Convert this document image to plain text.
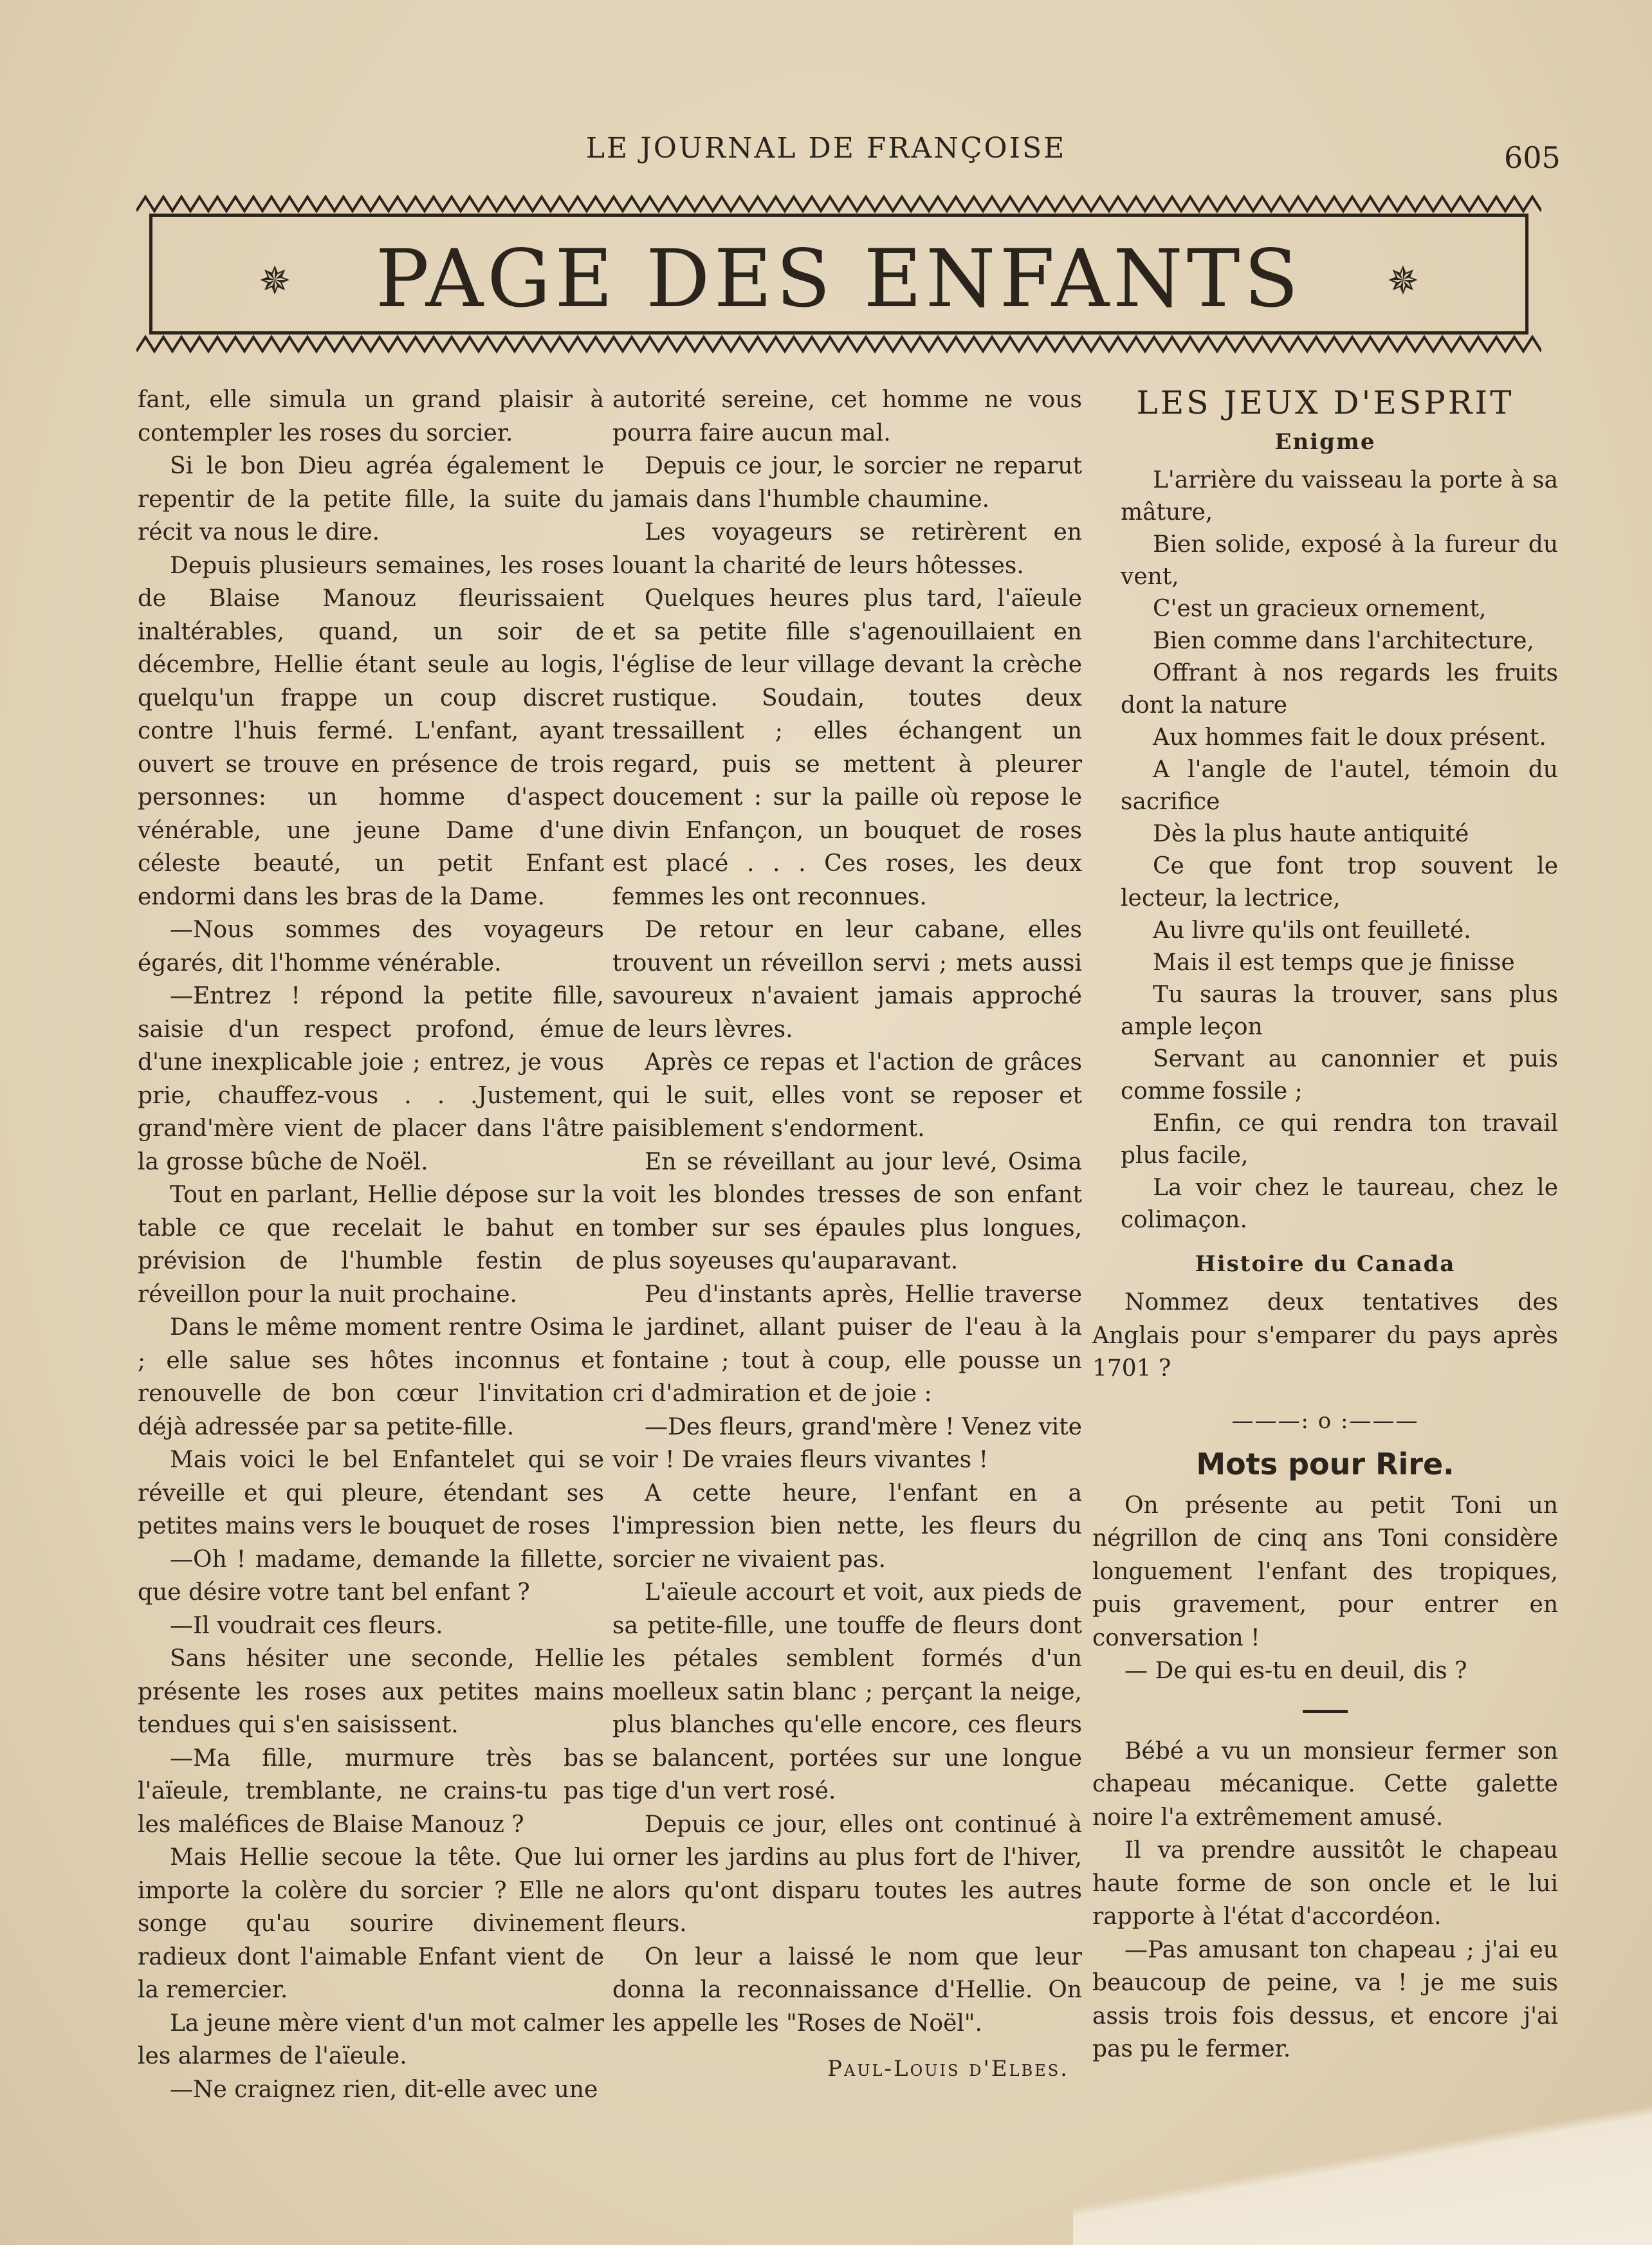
LE JOURNAL DE FRANÇOISE	605
✵	PAGE DES ENFANTS	✵

fant, elle simula un grand plaisir à contempler les roses du sorcier.

Si le bon Dieu agréa également le repentir de la petite fille, la suite du récit va nous le dire.

Depuis plusieurs semaines, les roses de Blaise Manouz fleurissaient inaltérables, quand, un soir de décembre, Hellie étant seule au logis, quelqu'un frappe un coup discret contre l'huis fermé. L'enfant, ayant ouvert se trouve en présence de trois personnes: un homme d'aspect vénérable, une jeune Dame d'une céleste beauté, un petit Enfant endormi dans les bras de la Dame.

—Nous sommes des voyageurs égarés, dit l'homme vénérable.

—Entrez ! répond la petite fille, saisie d'un respect profond, émue d'une inexplicable joie ; entrez, je vous prie, chauffez-vous . . .Justement, grand'mère vient de placer dans l'âtre la grosse bûche de Noël.

Tout en parlant, Hellie dépose sur la table ce que recelait le bahut en prévision de l'humble festin de réveillon pour la nuit prochaine.

Dans le même moment rentre Osima ; elle salue ses hôtes inconnus et renouvelle de bon cœur l'invitation déjà adressée par sa petite-fille.

Mais voici le bel Enfantelet qui se réveille et qui pleure, étendant ses petites mains vers le bouquet de roses

—Oh ! madame, demande la fillette, que désire votre tant bel enfant ?

—Il voudrait ces fleurs.

Sans hésiter une seconde, Hellie présente les roses aux petites mains tendues qui s'en saisissent.

—Ma fille, murmure très bas l'aïeule, tremblante, ne crains-tu pas les maléfices de Blaise Manouz ?

Mais Hellie secoue la tête. Que lui importe la colère du sorcier ? Elle ne songe qu'au sourire divinement radieux dont l'aimable Enfant vient de la remercier.

La jeune mère vient d'un mot calmer les alarmes de l'aïeule.

—Ne craignez rien, dit-elle avec une

autorité sereine, cet homme ne vous pourra faire aucun mal.

Depuis ce jour, le sorcier ne reparut jamais dans l'humble chaumine.

Les voyageurs se retirèrent en louant la charité de leurs hôtesses.

Quelques heures plus tard, l'aïeule et sa petite fille s'agenouillaient en l'église de leur village devant la crèche rustique. Soudain, toutes deux tressaillent ; elles échangent un regard, puis se mettent à pleurer doucement : sur la paille où repose le divin Enfançon, un bouquet de roses est placé . . . Ces roses, les deux femmes les ont reconnues.

De retour en leur cabane, elles trouvent un réveillon servi ; mets aussi savoureux n'avaient jamais approché de leurs lèvres.

Après ce repas et l'action de grâces qui le suit, elles vont se reposer et paisiblement s'endorment.

En se réveillant au jour levé, Osima voit les blondes tresses de son enfant tomber sur ses épaules plus longues, plus soyeuses qu'auparavant.

Peu d'instants après, Hellie traverse le jardinet, allant puiser de l'eau à la fontaine ; tout à coup, elle pousse un cri d'admiration et de joie :

—Des fleurs, grand'mère ! Venez vite voir ! De vraies fleurs vivantes !

A cette heure, l'enfant en a l'impression bien nette, les fleurs du sorcier ne vivaient pas.

L'aïeule accourt et voit, aux pieds de sa petite-fille, une touffe de fleurs dont les pétales semblent formés d'un moelleux satin blanc ; perçant la neige, plus blanches qu'elle encore, ces fleurs se balancent, portées sur une longue tige d'un vert rosé.

Depuis ce jour, elles ont continué à orner les jardins au plus fort de l'hiver, alors qu'ont disparu toutes les autres fleurs.

On leur a laissé le nom que leur donna la reconnaissance d'Hellie. On les appelle les "Roses de Noël".

Paul-Louis d'Elbes.
LES JEUX D'ESPRIT
Enigme

L'arrière du vaisseau la porte à sa mâture,

Bien solide, exposé à la fureur du vent,

C'est un gracieux ornement,

Bien comme dans l'architecture,

Offrant à nos regards les fruits dont la nature

Aux hommes fait le doux présent.

A l'angle de l'autel, témoin du sacrifice

Dès la plus haute antiquité

Ce que font trop souvent le lecteur, la lectrice,

Au livre qu'ils ont feuilleté.

Mais il est temps que je finisse

Tu sauras la trouver, sans plus ample leçon

Servant au canonnier et puis comme fossile ;

Enfin, ce qui rendra ton travail plus facile,

La voir chez le taureau, chez le colimaçon.

Histoire du Canada

Nommez deux tentatives des Anglais pour s'emparer du pays après 1701 ?

———: o :———
Mots pour Rire.

On présente au petit Toni un négrillon de cinq ans Toni considère longuement l'enfant des tropiques, puis gravement, pour entrer en conversation !

— De qui es-tu en deuil, dis ?

Bébé a vu un monsieur fermer son chapeau mécanique. Cette galette noire l'a extrêmement amusé.

Il va prendre aussitôt le chapeau haute forme de son oncle et le lui rapporte à l'état d'accordéon.

—Pas amusant ton chapeau ; j'ai eu beaucoup de peine, va ! je me suis assis trois fois dessus, et encore j'ai pas pu le fermer.
